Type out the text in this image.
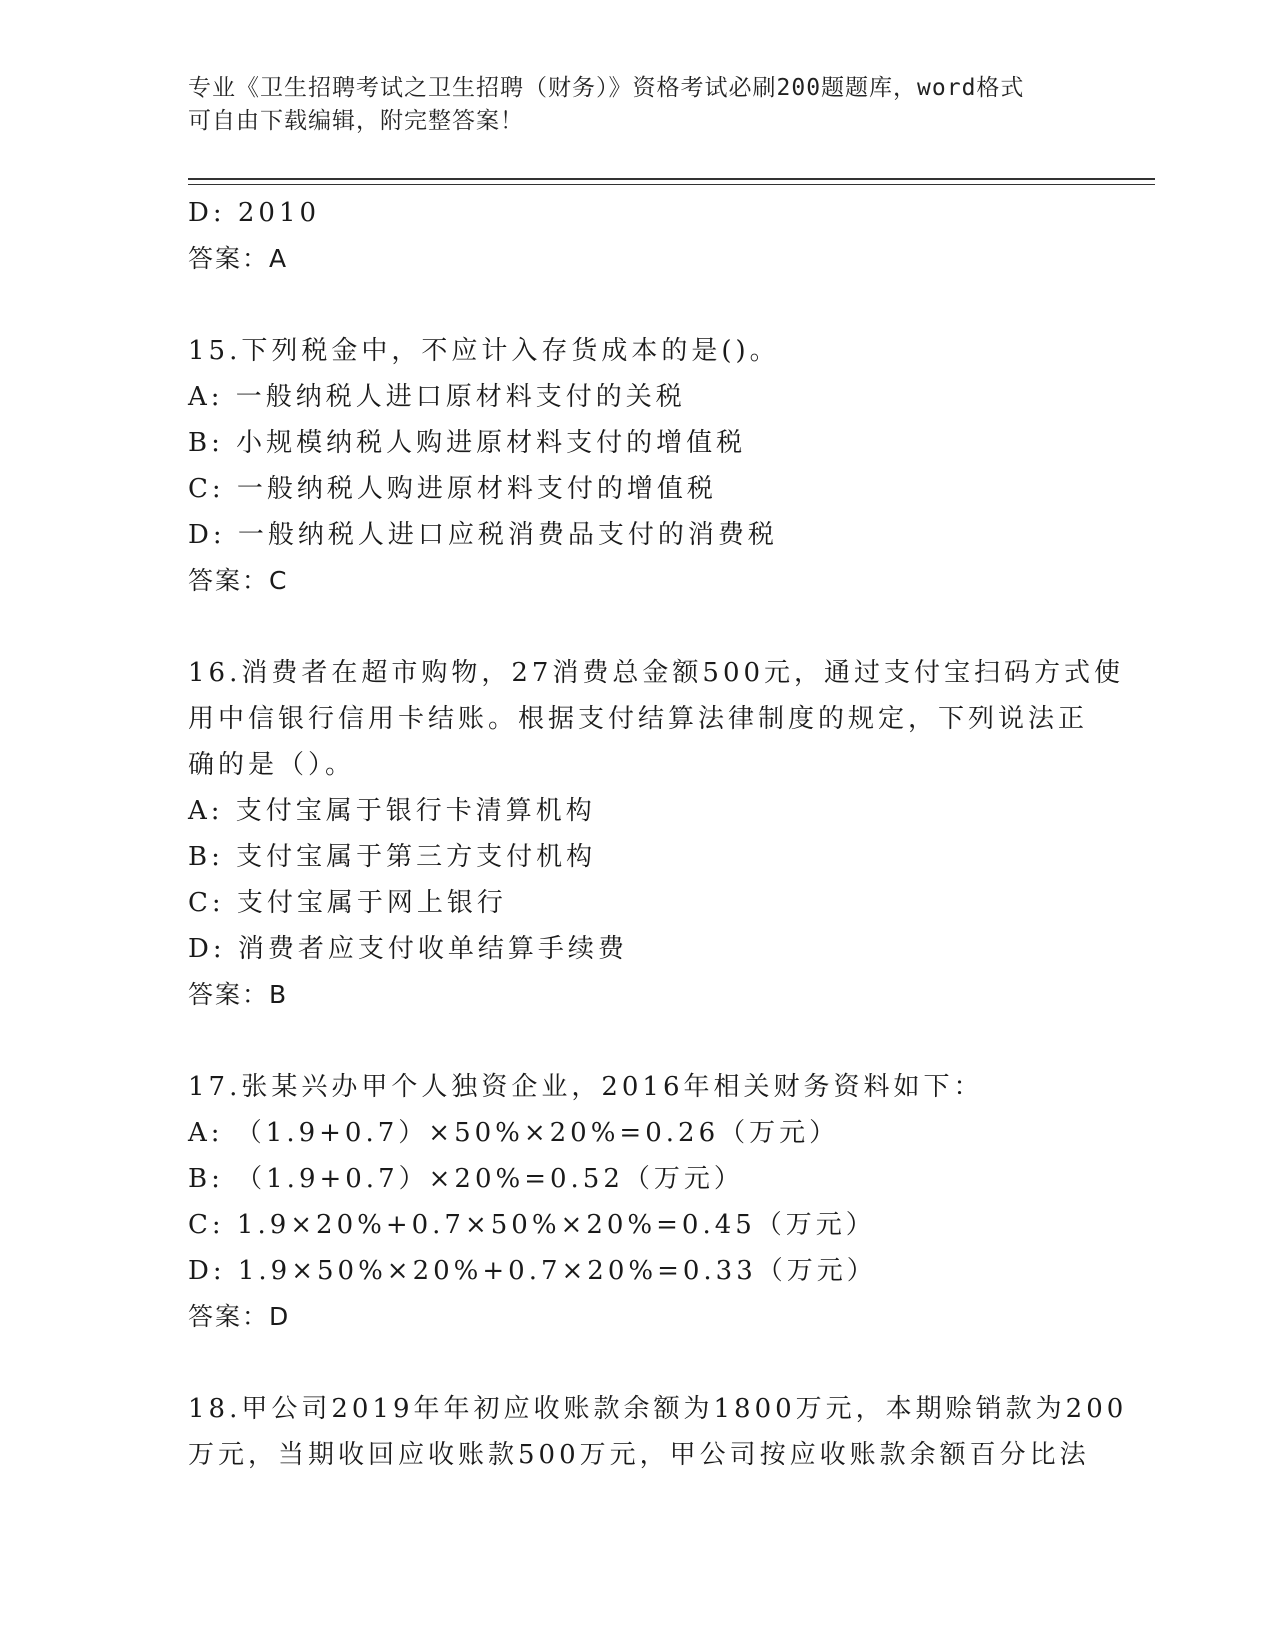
专业《卫生招聘考试之卫生招聘（财务）》资格考试必刷200题题库，word格式
可自由下载编辑，附完整答案！
D: 2010
答案：A
15.下列税金中，不应计入存货成本的是()。
A: 一般纳税人进口原材料支付的关税
B: 小规模纳税人购进原材料支付的增值税
C: 一般纳税人购进原材料支付的增值税
D: 一般纳税人进口应税消费品支付的消费税
答案：C
16.消费者在超市购物，27消费总金额500元，通过支付宝扫码方式使
用中信银行信用卡结账。根据支付结算法律制度的规定，下列说法正
确的是（）。
A: 支付宝属于银行卡清算机构
B: 支付宝属于第三方支付机构
C: 支付宝属于网上银行
D: 消费者应支付收单结算手续费
答案：B
17.张某兴办甲个人独资企业，2016年相关财务资料如下：
A: （1.9+0.7）×50%×20%=0.26（万元）
B: （1.9+0.7）×20%=0.52（万元）
C: 1.9×20%+0.7×50%×20%=0.45（万元）
D: 1.9×50%×20%+0.7×20%=0.33（万元）
答案：D
18.甲公司2019年年初应收账款余额为1800万元，本期赊销款为200
万元，当期收回应收账款500万元，甲公司按应收账款余额百分比法
